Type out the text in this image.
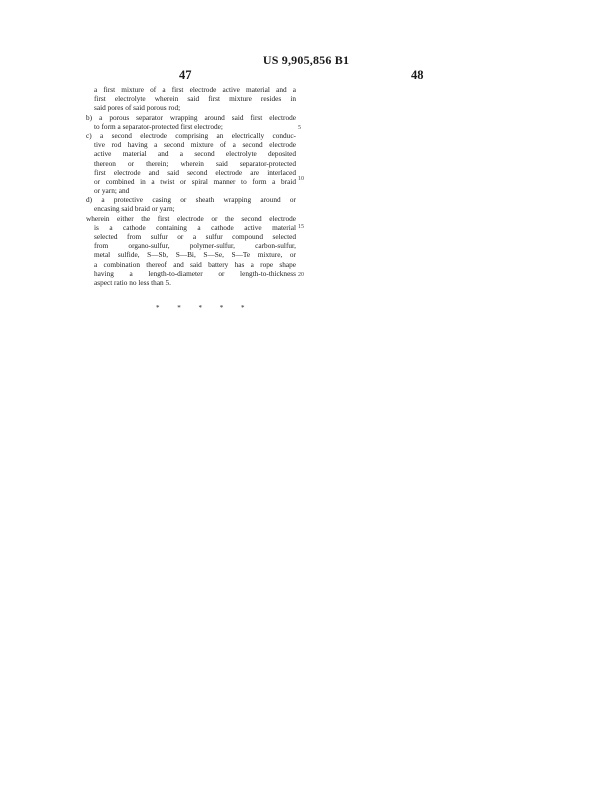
US 9,905,856 B1
47	48
a first mixture of a first electrode active material and a
first electrolyte wherein said first mixture resides in
said pores of said porous rod;
b) a porous separator wrapping around said first electrode
to form a separator-protected first electrode;
c) a second electrode comprising an electrically conduc-
tive rod having a second mixture of a second electrode
active material and a second electrolyte deposited
thereon or therein; wherein said separator-protected
first electrode and said second electrode are interlaced
or combined in a twist or spiral manner to form a braid
or yarn; and
d) a protective casing or sheath wrapping around or
encasing said braid or yarn;
wherein either the first electrode or the second electrode
is a cathode containing a cathode active material
selected from sulfur or a sulfur compound selected
from organo-sulfur, polymer-sulfur, carbon-sulfur,
metal sulfide, S—Sb, S—Bi, S—Se, S—Te mixture, or
a combination thereof and said battery has a rope shape
having a length-to-diameter or length-to-thickness
aspect ratio no less than 5.
5
10
15
20
* * * * *
